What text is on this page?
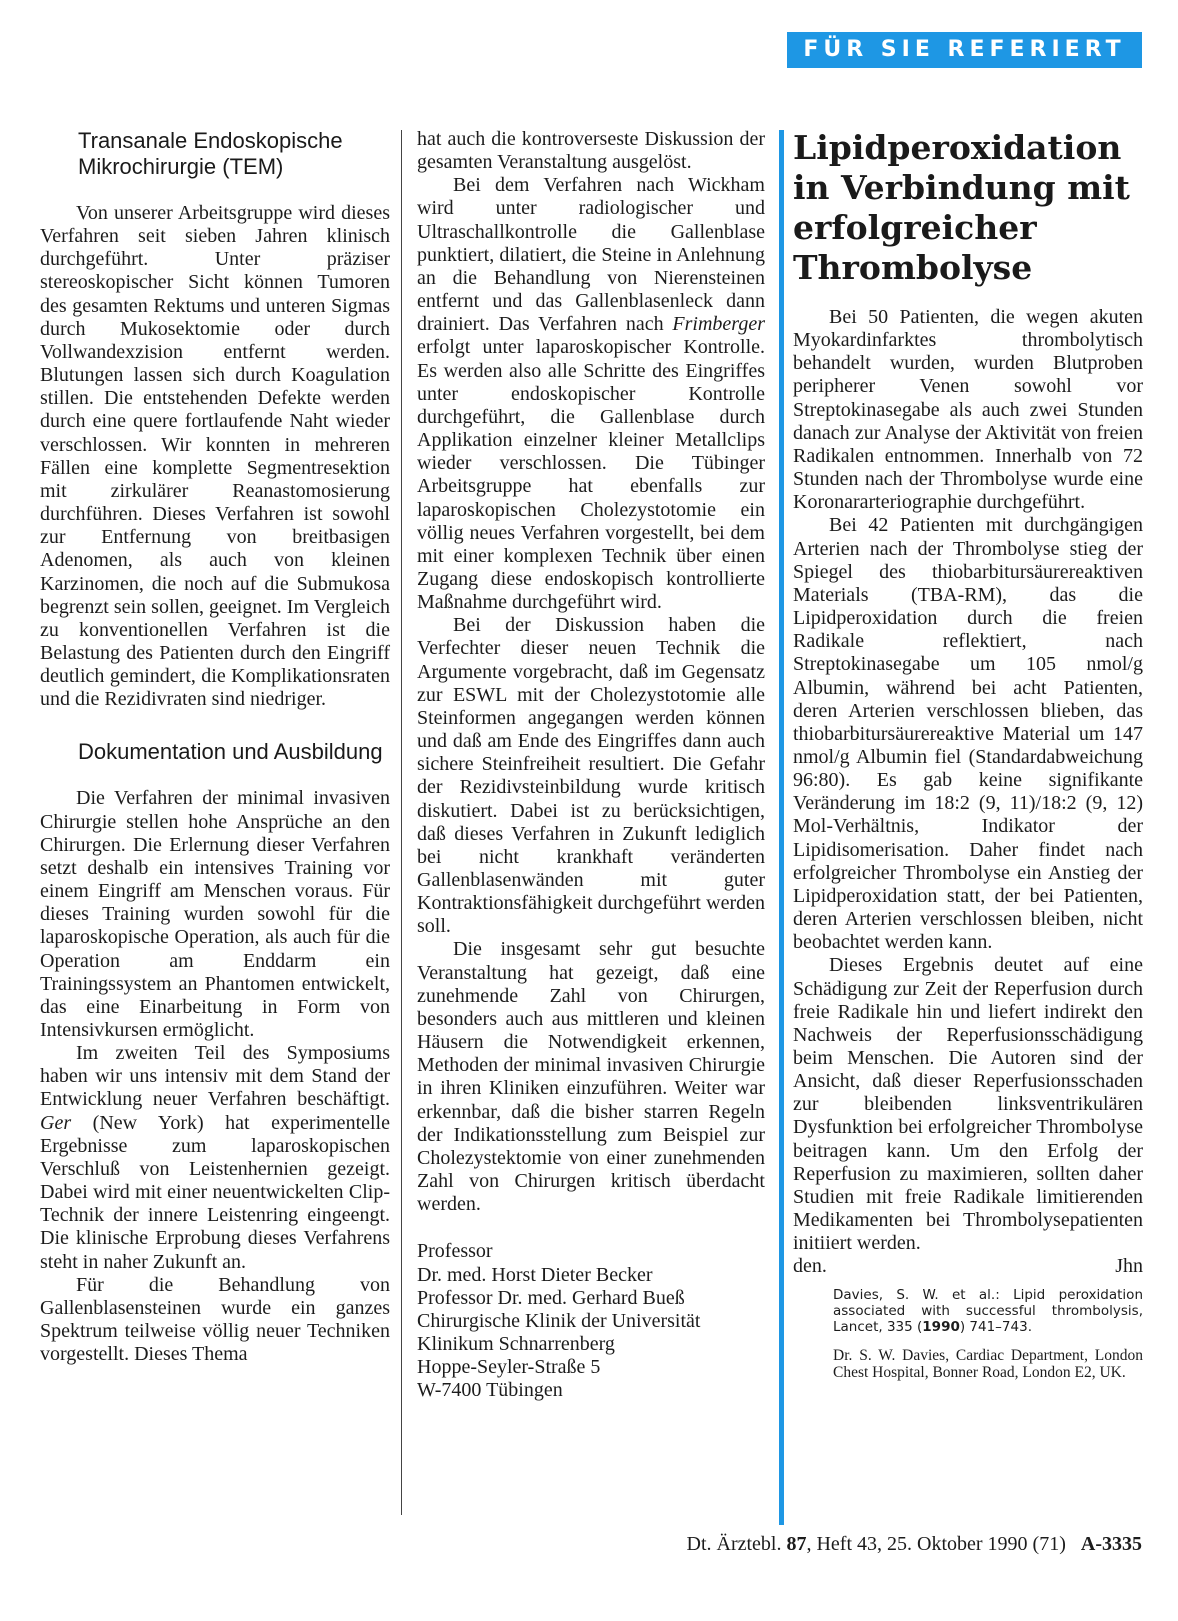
FÜR SIE REFERIERT
Transanale Endoskopische Mikrochirurgie (TEM)

Von unserer Arbeitsgruppe wird dieses Verfahren seit sieben Jahren klinisch durchgeführt. Unter präziser stereoskopischer Sicht können Tumoren des gesamten Rektums und unteren Sigmas durch Mukosektomie oder durch Vollwandexzision entfernt werden. Blutungen lassen sich durch Koagulation stillen. Die entstehenden Defekte werden durch eine quere fortlaufende Naht wieder verschlossen. Wir konnten in mehreren Fällen eine komplette Segmentresektion mit zirkulärer Reanastomosierung durchführen. Dieses Verfahren ist sowohl zur Entfernung von breitbasigen Adenomen, als auch von kleinen Karzinomen, die noch auf die Submukosa begrenzt sein sollen, geeignet. Im Vergleich zu konventionellen Verfahren ist die Belastung des Patienten durch den Eingriff deutlich gemindert, die Komplikationsraten und die Rezidivraten sind niedriger.

Dokumentation und Ausbildung

Die Verfahren der minimal invasiven Chirurgie stellen hohe Ansprüche an den Chirurgen. Die Erlernung dieser Verfahren setzt deshalb ein intensives Training vor einem Eingriff am Menschen voraus. Für dieses Training wurden sowohl für die laparoskopische Operation, als auch für die Operation am Enddarm ein Trainingssystem an Phantomen entwickelt, das eine Einarbeitung in Form von Intensivkursen ermöglicht.

Im zweiten Teil des Symposiums haben wir uns intensiv mit dem Stand der Entwicklung neuer Verfahren beschäftigt. Ger (New York) hat experimentelle Ergebnisse zum laparoskopischen Verschluß von Leistenhernien gezeigt. Dabei wird mit einer neuentwickelten Clip-Technik der innere Leistenring eingeengt. Die klinische Erprobung dieses Verfahrens steht in naher Zukunft an.

Für die Behandlung von Gallenblasensteinen wurde ein ganzes Spektrum teilweise völlig neuer Techniken vorgestellt. Dieses Thema

hat auch die kontroverseste Diskussion der gesamten Veranstaltung ausgelöst.

Bei dem Verfahren nach Wickham wird unter radiologischer und Ultraschallkontrolle die Gallenblase punktiert, dilatiert, die Steine in Anlehnung an die Behandlung von Nierensteinen entfernt und das Gallenblasenleck dann drainiert. Das Verfahren nach Frimberger erfolgt unter laparoskopischer Kontrolle. Es werden also alle Schritte des Eingriffes unter endoskopischer Kontrolle durchgeführt, die Gallenblase durch Applikation einzelner kleiner Metallclips wieder verschlossen. Die Tübinger Arbeitsgruppe hat ebenfalls zur laparoskopischen Cholezystotomie ein völlig neues Verfahren vorgestellt, bei dem mit einer komplexen Technik über einen Zugang diese endoskopisch kontrollierte Maßnahme durchgeführt wird.

Bei der Diskussion haben die Verfechter dieser neuen Technik die Argumente vorgebracht, daß im Gegensatz zur ESWL mit der Cholezystotomie alle Steinformen angegangen werden können und daß am Ende des Eingriffes dann auch sichere Steinfreiheit resultiert. Die Gefahr der Rezidivsteinbildung wurde kritisch diskutiert. Dabei ist zu berücksichtigen, daß dieses Verfahren in Zukunft lediglich bei nicht krankhaft veränderten Gallenblasenwänden mit guter Kontraktionsfähigkeit durchgeführt werden soll.

Die insgesamt sehr gut besuchte Veranstaltung hat gezeigt, daß eine zunehmende Zahl von Chirurgen, besonders auch aus mittleren und kleinen Häusern die Notwendigkeit erkennen, Methoden der minimal invasiven Chirurgie in ihren Kliniken einzuführen. Weiter war erkennbar, daß die bisher starren Regeln der Indikationsstellung zum Beispiel zur Cholezystektomie von einer zunehmenden Zahl von Chirurgen kritisch überdacht werden.

Professor

Dr. med. Horst Dieter Becker

Professor Dr. med. Gerhard Bueß

Chirurgische Klinik der Universität

Klinikum Schnarrenberg

Hoppe-Seyler-Straße 5

W-7400 Tübingen

Lipidperoxidation in Verbindung mit erfolgreicher Thrombolyse

Bei 50 Patienten, die wegen akuten Myokardinfarktes thrombolytisch behandelt wurden, wurden Blutproben peripherer Venen sowohl vor Streptokinasegabe als auch zwei Stunden danach zur Analyse der Aktivität von freien Radikalen entnommen. Innerhalb von 72 Stunden nach der Thrombolyse wurde eine Koronararteriographie durchgeführt.

Bei 42 Patienten mit durchgängigen Arterien nach der Thrombolyse stieg der Spiegel des thiobarbitursäurereaktiven Materials (TBA-RM), das die Lipidperoxidation durch die freien Radikale reflektiert, nach Streptokinasegabe um 105 nmol/g Albumin, während bei acht Patienten, deren Arterien verschlossen blieben, das thiobarbitursäurereaktive Material um 147 nmol/g Albumin fiel (Standardabweichung 96:80). Es gab keine signifikante Veränderung im 18:2 (9, 11)/18:2 (9, 12) Mol-Verhältnis, Indikator der Lipidisomerisation. Daher findet nach erfolgreicher Thrombolyse ein Anstieg der Lipidperoxidation statt, der bei Patienten, deren Arterien verschlossen bleiben, nicht beobachtet werden kann.

Dieses Ergebnis deutet auf eine Schädigung zur Zeit der Reperfusion durch freie Radikale hin und liefert indirekt den Nachweis der Reperfusionsschädigung beim Menschen. Die Autoren sind der Ansicht, daß dieser Reperfusionsschaden zur bleibenden linksventrikulären Dysfunktion bei erfolgreicher Thrombolyse beitragen kann. Um den Erfolg der Reperfusion zu maximieren, sollten daher Studien mit freie Radikale limitierenden Medikamenten bei Thrombolysepatienten initiiert werden.

den.	Jhn
Davies, S. W. et al.: Lipid peroxidation associated with successful thrombolysis, Lancet, 335 (1990) 741–743.
Dr. S. W. Davies, Cardiac Department, London Chest Hospital, Bonner Road, London E2, UK.
Dt. Ärztebl. 87, Heft 43, 25. Oktober 1990 (71) A-3335
